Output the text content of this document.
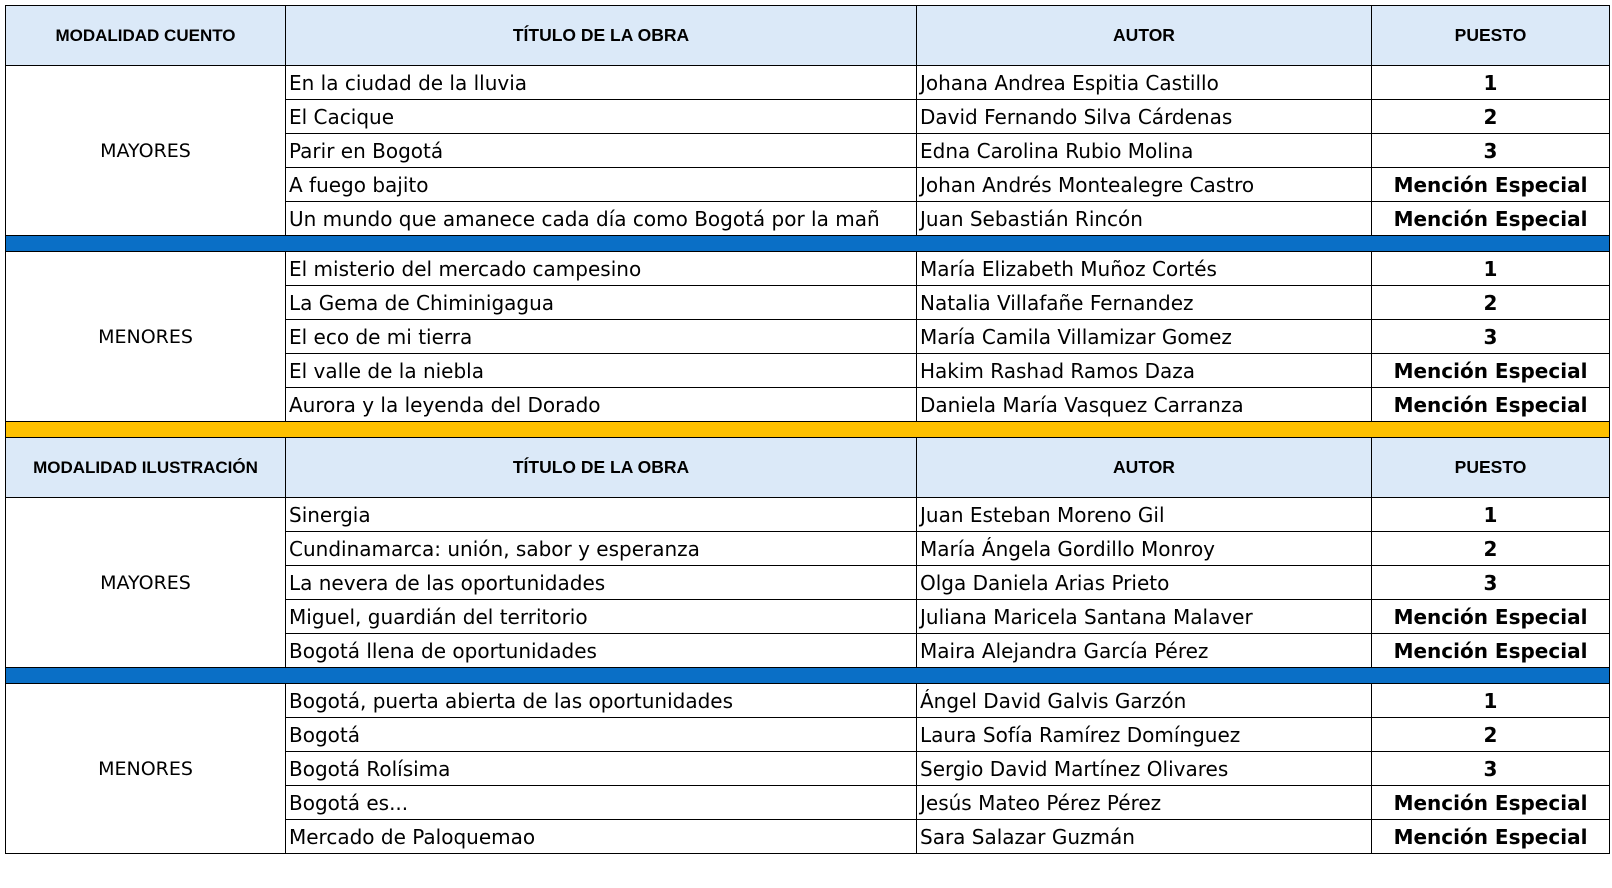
MODALIDAD CUENTO	TÍTULO DE LA OBRA	AUTOR	PUESTO
MAYORES	En la ciudad de la lluvia	Johana Andrea Espitia Castillo	1
	El Cacique	David Fernando Silva Cárdenas	2
	Parir en Bogotá	Edna Carolina Rubio Molina	3
	A fuego bajito	Johan Andrés Montealegre Castro	Mención Especial
	Un mundo que amanece cada día como Bogotá por la mañ	Juan Sebastián Rincón	Mención Especial

MENORES	El misterio del mercado campesino	María Elizabeth Muñoz Cortés	1
	La Gema de Chiminigagua	Natalia Villafañe Fernandez	2
	El eco de mi tierra	María Camila Villamizar Gomez	3
	El valle de la niebla	Hakim Rashad Ramos Daza	Mención Especial
	Aurora y la leyenda del Dorado	Daniela María Vasquez Carranza	Mención Especial

MODALIDAD ILUSTRACIÓN	TÍTULO DE LA OBRA	AUTOR	PUESTO
MAYORES	Sinergia	Juan Esteban Moreno Gil	1
	Cundinamarca: unión, sabor y esperanza	María Ángela Gordillo Monroy	2
	La nevera de las oportunidades	Olga Daniela Arias Prieto	3
	Miguel, guardián del territorio	Juliana Maricela Santana Malaver	Mención Especial
	Bogotá llena de oportunidades	Maira Alejandra García Pérez	Mención Especial

MENORES	Bogotá, puerta abierta de las oportunidades	Ángel David Galvis Garzón	1
	Bogotá	Laura Sofía Ramírez Domínguez	2
	Bogotá Rolísima	Sergio David Martínez Olivares	3
	Bogotá es...	Jesús Mateo Pérez Pérez	Mención Especial
	Mercado de Paloquemao	Sara Salazar Guzmán	Mención Especial
